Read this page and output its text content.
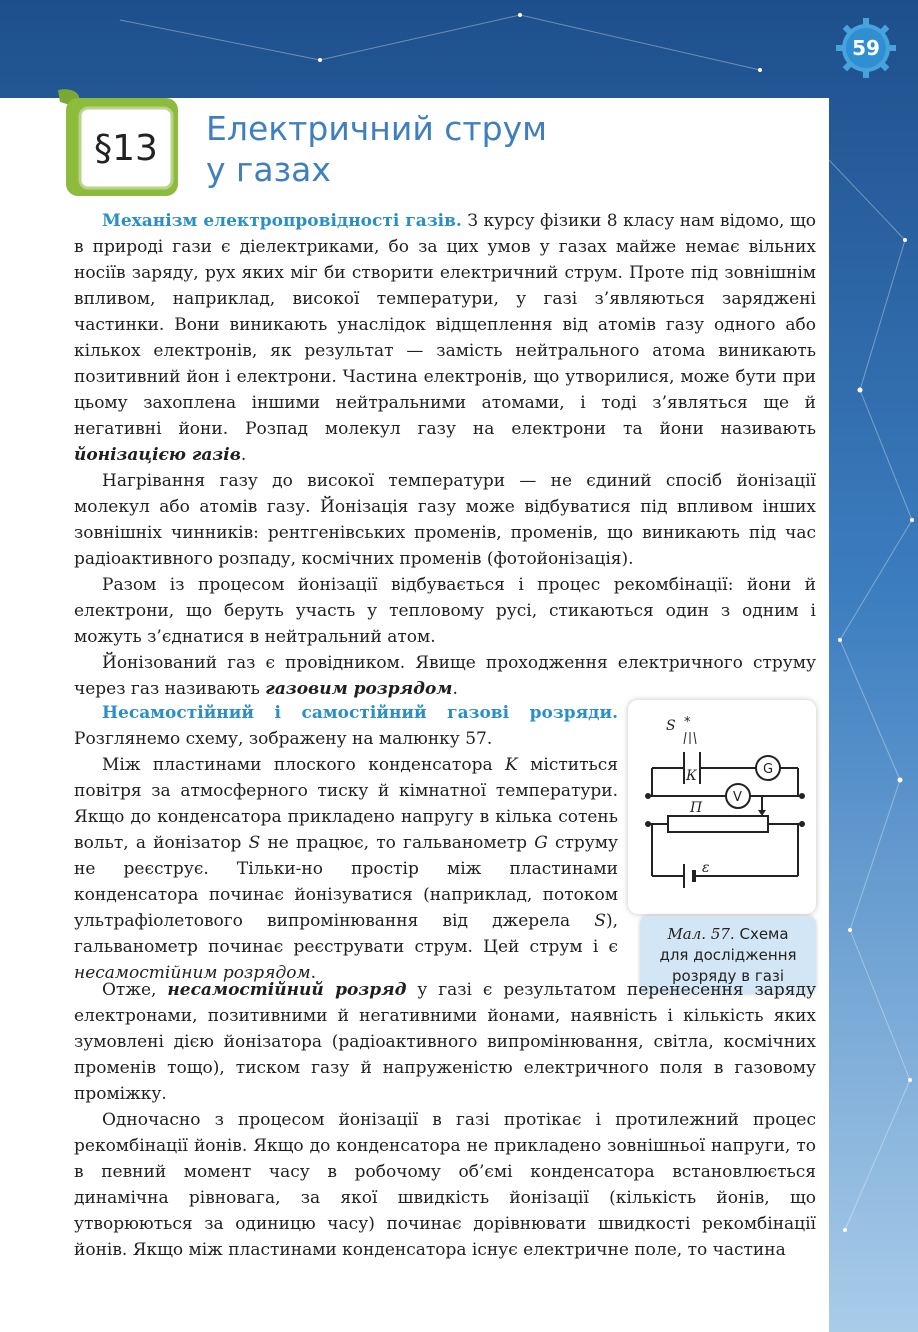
59
§13	Електричний струм
у газах

Механізм електропровідності газів. З курсу фізики 8 класу нам відомо, що в природі гази є діелектриками, бо за цих умов у газах майже немає вільних носіїв заряду, рух яких міг би створити електричний струм. Проте під зовнішнім впливом, наприклад, високої температури, у газі з’являються заряджені частинки. Вони виникають унаслідок відщеплення від атомів газу одного або кількох електронів, як результат — замість нейтрального атома виникають позитивний йон і електрони. Частина електронів, що утворилися, може бути при цьому захоплена іншими нейтральними атомами, і тоді з’являться ще й негативні йони. Розпад молекул газу на електрони та йони називають йонізацією газів.

Нагрівання газу до високої температури — не єдиний спосіб йонізації молекул або атомів газу. Йонізація газу може відбуватися під впливом інших зовнішніх чинників: рентгенівських променів, променів, що виникають під час радіоактивного розпаду, космічних променів (фотойонізація).

Разом із процесом йонізації відбувається і процес рекомбінації: йони й електрони, що беруть участь у тепловому русі, стикаються один з одним і можуть з’єднатися в нейтральний атом.

Йонізований газ є провідником. Явище проходження електричного струму через газ називають газовим розрядом.

Несамостійний і самостійний газові розряди. Розглянемо схему, зображену на малюнку 57.

Між пластинами плоского конденсатора K міститься повітря за атмосферного тиску й кімнатної температури. Якщо до конденсатора прикладено напругу в кілька сотень вольт, а йонізатор S не працює, то гальванометр G струму не реєструє. Тільки-но простір між пластинами конденсатора починає йонізуватися (наприклад, потоком ультрафіолетового випромінювання від джерела S), гальванометр починає реєструвати струм. Цей струм і є несамостійним розрядом.

S *
К	G
V
П
ε
Мал. 57. Схема
для дослідження
розряду в газі

Отже, несамостійний розряд у газі є результатом перенесення заряду електронами, позитивними й негативними йонами, наявність і кількість яких зумовлені дією йонізатора (радіоактивного випромінювання, світла, космічних променів тощо), тиском газу й напруженістю електричного поля в газовому проміжку.

Одночасно з процесом йонізації в газі протікає і протилежний процес рекомбінації йонів. Якщо до конденсатора не прикладено зовнішньої напруги, то в певний момент часу в робочому об’ємі конденсатора встановлюється динамічна рівновага, за якої швидкість йонізації (кількість йонів, що утворюються за одиницю часу) починає дорівнювати швидкості рекомбінації йонів. Якщо між пластинами конденсатора існує електричне поле, то частина
